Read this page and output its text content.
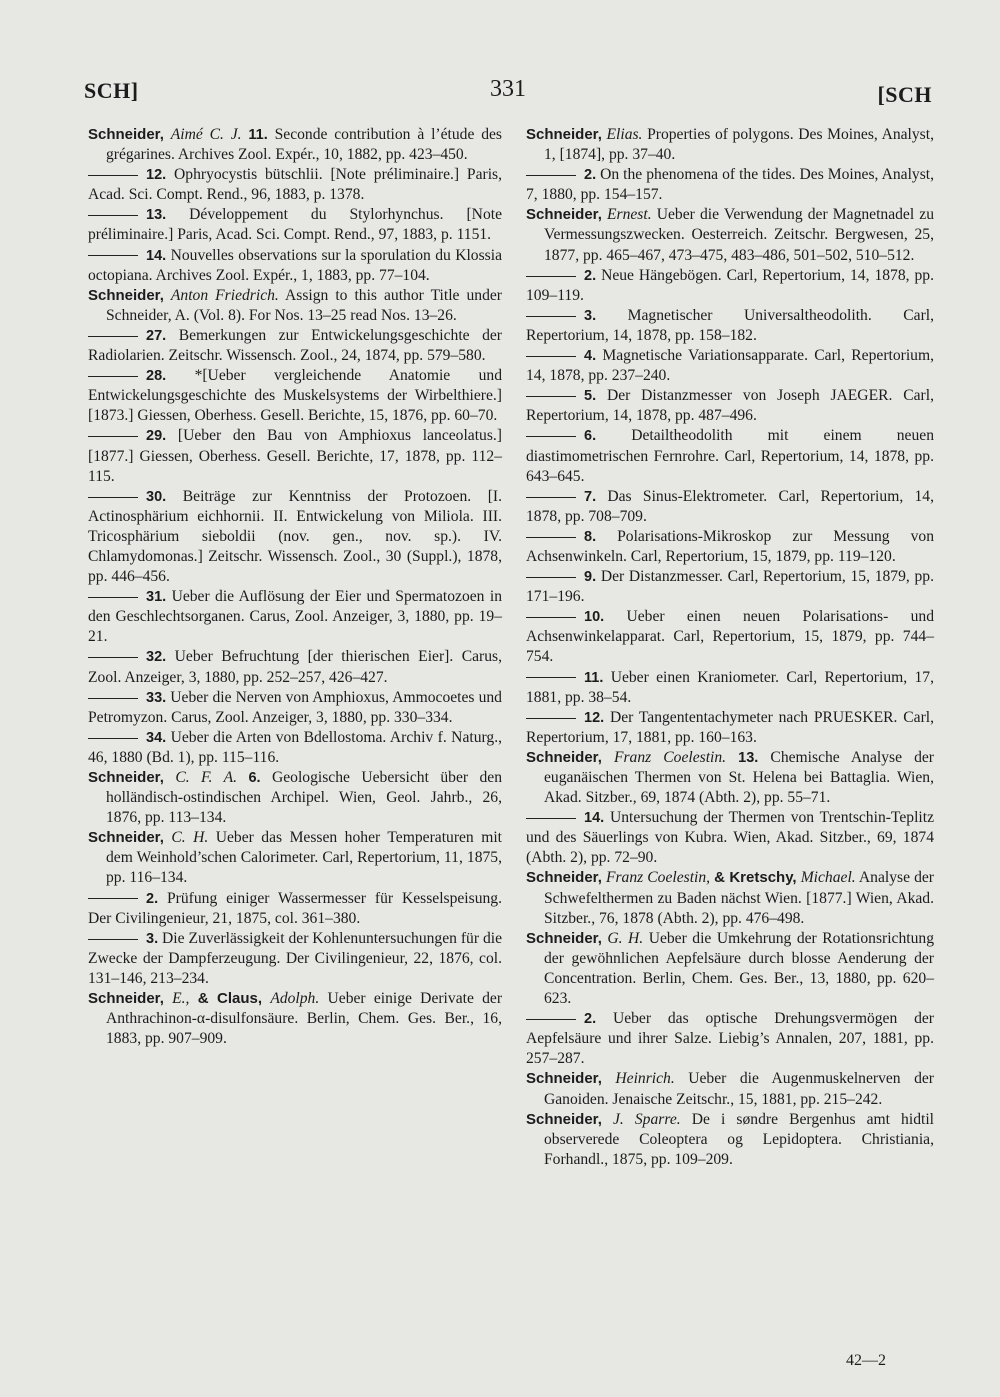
SCH]	331	[SCH

Schneider, Aimé C. J. 11. Seconde contribution à l’étude des grégarines. Archives Zool. Expér., 10, 1882, pp. 423–450.

12. Ophryocystis bütschlii. [Note préliminaire.] Paris, Acad. Sci. Compt. Rend., 96, 1883, p. 1378.

13. Développement du Stylorhynchus. [Note préliminaire.] Paris, Acad. Sci. Compt. Rend., 97, 1883, p. 1151.

14. Nouvelles observations sur la sporulation du Klossia octopiana. Archives Zool. Expér., 1, 1883, pp. 77–104.

Schneider, Anton Friedrich. Assign to this author Title under Schneider, A. (Vol. 8). For Nos. 13–25 read Nos. 13–26.

27. Bemerkungen zur Entwickelungsgeschichte der Radiolarien. Zeitschr. Wissensch. Zool., 24, 1874, pp. 579–580.

28. *[Ueber vergleichende Anatomie und Entwickelungsgeschichte des Muskelsystems der Wirbelthiere.] [1873.] Giessen, Oberhess. Gesell. Berichte, 15, 1876, pp. 60–70.

29. [Ueber den Bau von Amphioxus lanceolatus.] [1877.] Giessen, Oberhess. Gesell. Berichte, 17, 1878, pp. 112–115.

30. Beiträge zur Kenntniss der Protozoen. [I. Actinosphärium eichhornii. II. Entwickelung von Miliola. III. Tricosphärium sieboldii (nov. gen., nov. sp.). IV. Chlamydomonas.] Zeitschr. Wissensch. Zool., 30 (Suppl.), 1878, pp. 446–456.

31. Ueber die Auflösung der Eier und Spermatozoen in den Geschlechtsorganen. Carus, Zool. Anzeiger, 3, 1880, pp. 19–21.

32. Ueber Befruchtung [der thierischen Eier]. Carus, Zool. Anzeiger, 3, 1880, pp. 252–257, 426–427.

33. Ueber die Nerven von Amphioxus, Ammocoetes und Petromyzon. Carus, Zool. Anzeiger, 3, 1880, pp. 330–334.

34. Ueber die Arten von Bdellostoma. Archiv f. Naturg., 46, 1880 (Bd. 1), pp. 115–116.

Schneider, C. F. A. 6. Geologische Uebersicht über den holländisch-ostindischen Archipel. Wien, Geol. Jahrb., 26, 1876, pp. 113–134.

Schneider, C. H. Ueber das Messen hoher Temperaturen mit dem Weinhold’schen Calorimeter. Carl, Repertorium, 11, 1875, pp. 116–134.

2. Prüfung einiger Wassermesser für Kesselspeisung. Der Civilingenieur, 21, 1875, col. 361–380.

3. Die Zuverlässigkeit der Kohlenuntersuchungen für die Zwecke der Dampferzeugung. Der Civilingenieur, 22, 1876, col. 131–146, 213–234.

Schneider, E., & Claus, Adolph. Ueber einige Derivate der Anthrachinon-α-disulfonsäure. Berlin, Chem. Ges. Ber., 16, 1883, pp. 907–909.

Schneider, Elias. Properties of polygons. Des Moines, Analyst, 1, [1874], pp. 37–40.

2. On the phenomena of the tides. Des Moines, Analyst, 7, 1880, pp. 154–157.

Schneider, Ernest. Ueber die Verwendung der Magnetnadel zu Vermessungszwecken. Oesterreich. Zeitschr. Bergwesen, 25, 1877, pp. 465–467, 473–475, 483–486, 501–502, 510–512.

2. Neue Hängebögen. Carl, Repertorium, 14, 1878, pp. 109–119.

3. Magnetischer Universaltheodolith. Carl, Repertorium, 14, 1878, pp. 158–182.

4. Magnetische Variationsapparate. Carl, Repertorium, 14, 1878, pp. 237–240.

5. Der Distanzmesser von Joseph JAEGER. Carl, Repertorium, 14, 1878, pp. 487–496.

6. Detailtheodolith mit einem neuen diastimometrischen Fernrohre. Carl, Repertorium, 14, 1878, pp. 643–645.

7. Das Sinus-Elektrometer. Carl, Repertorium, 14, 1878, pp. 708–709.

8. Polarisations-Mikroskop zur Messung von Achsenwinkeln. Carl, Repertorium, 15, 1879, pp. 119–120.

9. Der Distanzmesser. Carl, Repertorium, 15, 1879, pp. 171–196.

10. Ueber einen neuen Polarisations- und Achsenwinkelapparat. Carl, Repertorium, 15, 1879, pp. 744–754.

11. Ueber einen Kraniometer. Carl, Repertorium, 17, 1881, pp. 38–54.

12. Der Tangententachymeter nach PRUESKER. Carl, Repertorium, 17, 1881, pp. 160–163.

Schneider, Franz Coelestin. 13. Chemische Analyse der euganäischen Thermen von St. Helena bei Battaglia. Wien, Akad. Sitzber., 69, 1874 (Abth. 2), pp. 55–71.

14. Untersuchung der Thermen von Trentschin-Teplitz und des Säuerlings von Kubra. Wien, Akad. Sitzber., 69, 1874 (Abth. 2), pp. 72–90.

Schneider, Franz Coelestin, & Kretschy, Michael. Analyse der Schwefelthermen zu Baden nächst Wien. [1877.] Wien, Akad. Sitzber., 76, 1878 (Abth. 2), pp. 476–498.

Schneider, G. H. Ueber die Umkehrung der Rotationsrichtung der gewöhnlichen Aepfelsäure durch blosse Aenderung der Concentration. Berlin, Chem. Ges. Ber., 13, 1880, pp. 620–623.

2. Ueber das optische Drehungsvermögen der Aepfelsäure und ihrer Salze. Liebig’s Annalen, 207, 1881, pp. 257–287.

Schneider, Heinrich. Ueber die Augenmuskelnerven der Ganoiden. Jenaische Zeitschr., 15, 1881, pp. 215–242.

Schneider, J. Sparre. De i søndre Bergenhus amt hidtil observerede Coleoptera og Lepidoptera. Christiania, Forhandl., 1875, pp. 109–209.

42—2
